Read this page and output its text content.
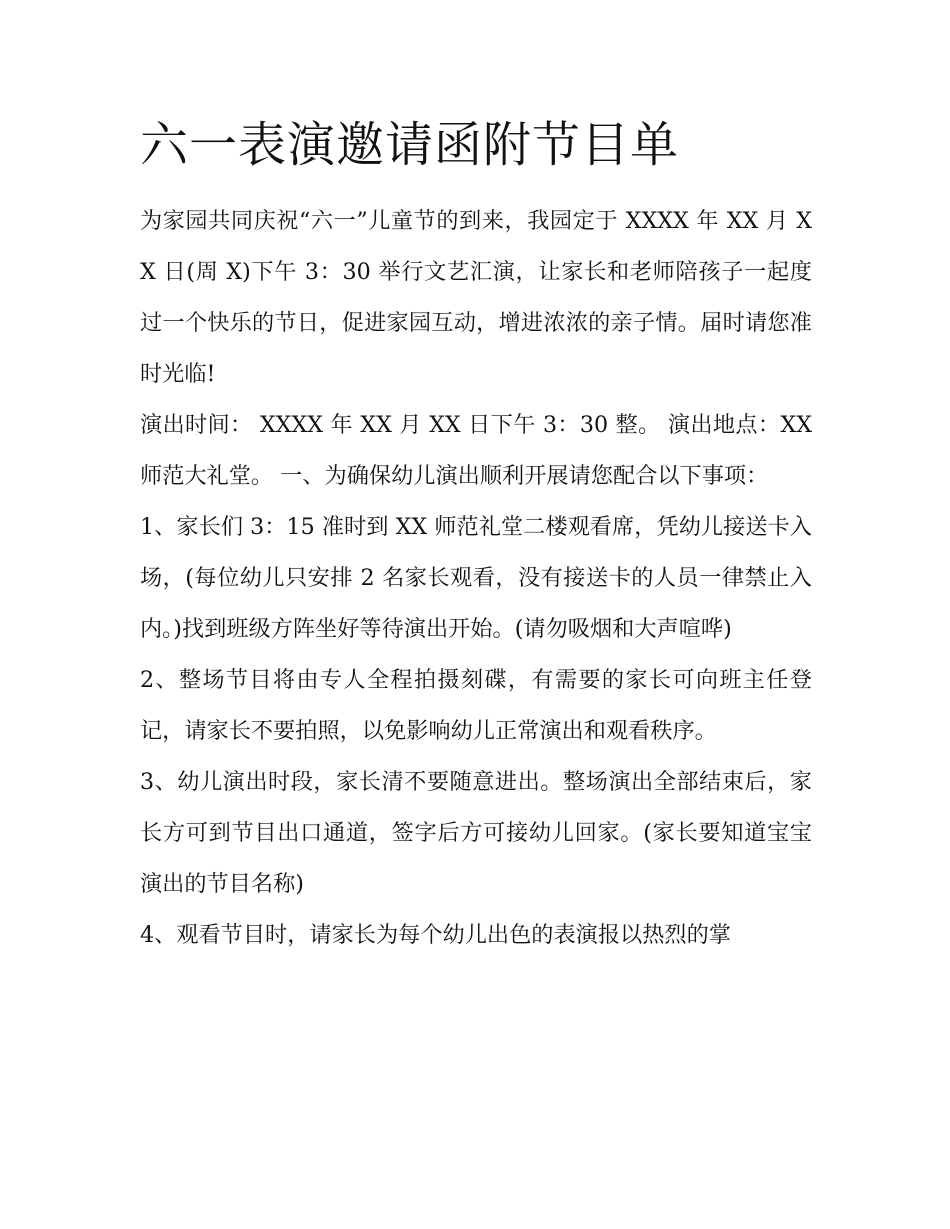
六一表演邀请函附节目单

为家园共同庆祝“六一”儿童节的到来，我园定于 XXXX 年 XX 月 XX 日(周 X)下午 3：30 举行文艺汇演，让家长和老师陪孩子一起度过一个快乐的节日，促进家园互动，增进浓浓的亲子情。届时请您准时光临!

演出时间： XXXX 年 XX 月 XX 日下午 3：30 整。 演出地点：XX 师范大礼堂。 一、为确保幼儿演出顺利开展请您配合以下事项：

1、家长们 3：15 准时到 XX 师范礼堂二楼观看席，凭幼儿接送卡入场，(每位幼儿只安排 2 名家长观看，没有接送卡的人员一律禁止入内。)找到班级方阵坐好等待演出开始。(请勿吸烟和大声喧哗)

2、整场节目将由专人全程拍摄刻碟，有需要的家长可向班主任登记，请家长不要拍照，以免影响幼儿正常演出和观看秩序。

3、幼儿演出时段，家长清不要随意进出。整场演出全部结束后，家长方可到节目出口通道，签字后方可接幼儿回家。(家长要知道宝宝演出的节目名称)

4、观看节目时，请家长为每个幼儿出色的表演报以热烈的掌
